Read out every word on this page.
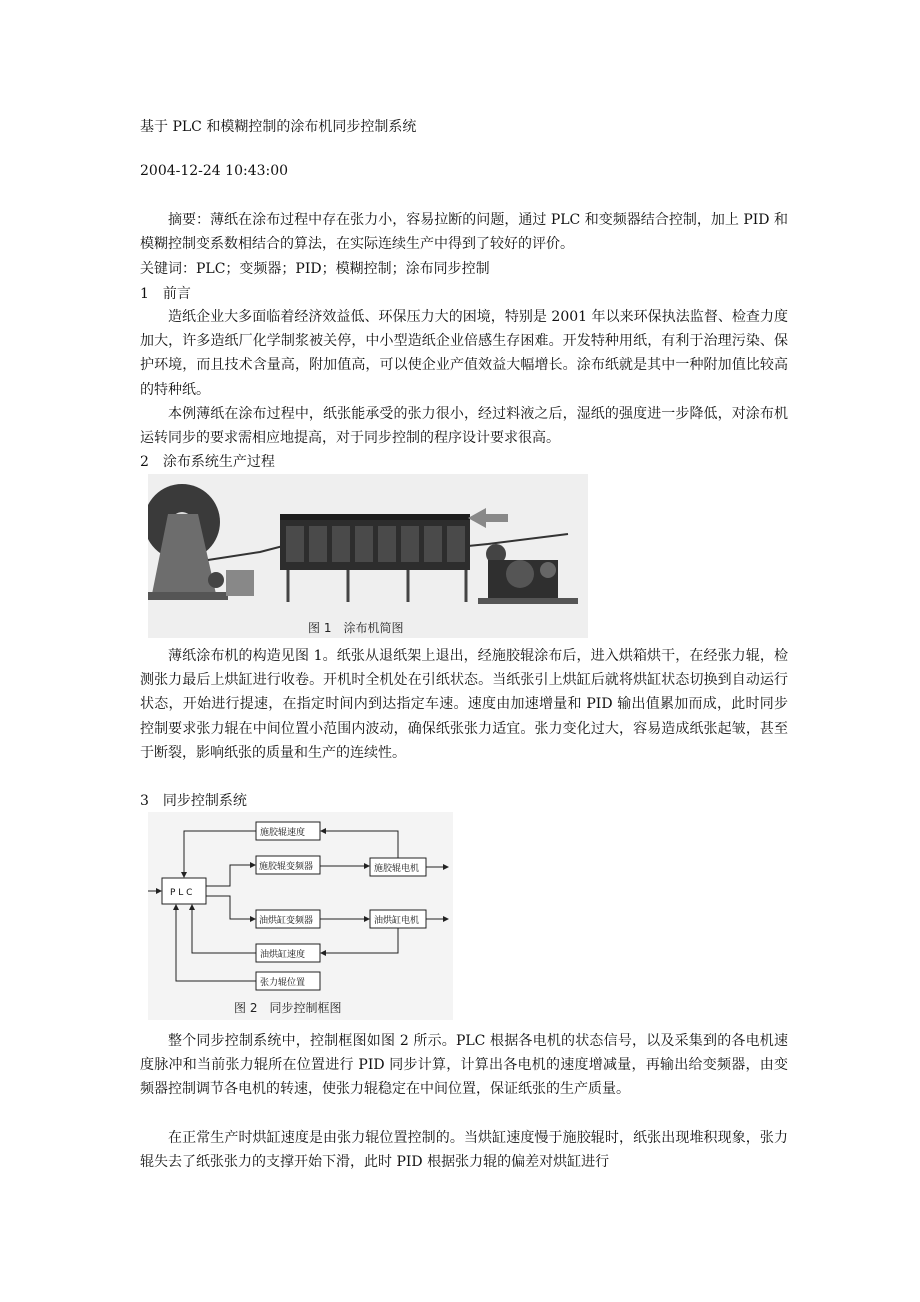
基于 PLC 和模糊控制的涂布机同步控制系统
2004-12-24 10:43:00
摘要：薄纸在涂布过程中存在张力小，容易拉断的问题，通过 PLC 和变频器结合控制，加上 PID 和模糊控制变系数相结合的算法，在实际连续生产中得到了较好的评价。
关键词：PLC；变频器；PID；模糊控制；涂布同步控制
1　前言
造纸企业大多面临着经济效益低、环保压力大的困境，特别是 2001 年以来环保执法监督、检查力度加大，许多造纸厂化学制浆被关停，中小型造纸企业倍感生存困难。开发特种用纸，有利于治理污染、保护环境，而且技术含量高，附加值高，可以使企业产值效益大幅增长。涂布纸就是其中一种附加值比较高的特种纸。
本例薄纸在涂布过程中，纸张能承受的张力很小，经过料液之后，湿纸的强度进一步降低，对涂布机运转同步的要求需相应地提高，对于同步控制的程序设计要求很高。
2　涂布系统生产过程
图 1　涂布机简图
薄纸涂布机的构造见图 1。纸张从退纸架上退出，经施胶辊涂布后，进入烘箱烘干，在经张力辊，检测张力最后上烘缸进行收卷。开机时全机处在引纸状态。当纸张引上烘缸后就将烘缸状态切换到自动运行状态，开始进行提速，在指定时间内到达指定车速。速度由加速增量和 PID 输出值累加而成，此时同步控制要求张力辊在中间位置小范围内波动，确保纸张张力适宜。张力变化过大，容易造成纸张起皱，甚至于断裂，影响纸张的质量和生产的连续性。
3　同步控制系统
P L C
施胶辊速度
施胶辊变频器	施胶辊电机
油烘缸变频器	油烘缸电机
油烘缸速度
张力辊位置
图 2　同步控制框图
整个同步控制系统中，控制框图如图 2 所示。PLC 根据各电机的状态信号，以及采集到的各电机速度脉冲和当前张力辊所在位置进行 PID 同步计算，计算出各电机的速度增减量，再输出给变频器，由变频器控制调节各电机的转速，使张力辊稳定在中间位置，保证纸张的生产质量。
在正常生产时烘缸速度是由张力辊位置控制的。当烘缸速度慢于施胶辊时，纸张出现堆积现象，张力辊失去了纸张张力的支撑开始下滑，此时 PID 根据张力辊的偏差对烘缸进行
